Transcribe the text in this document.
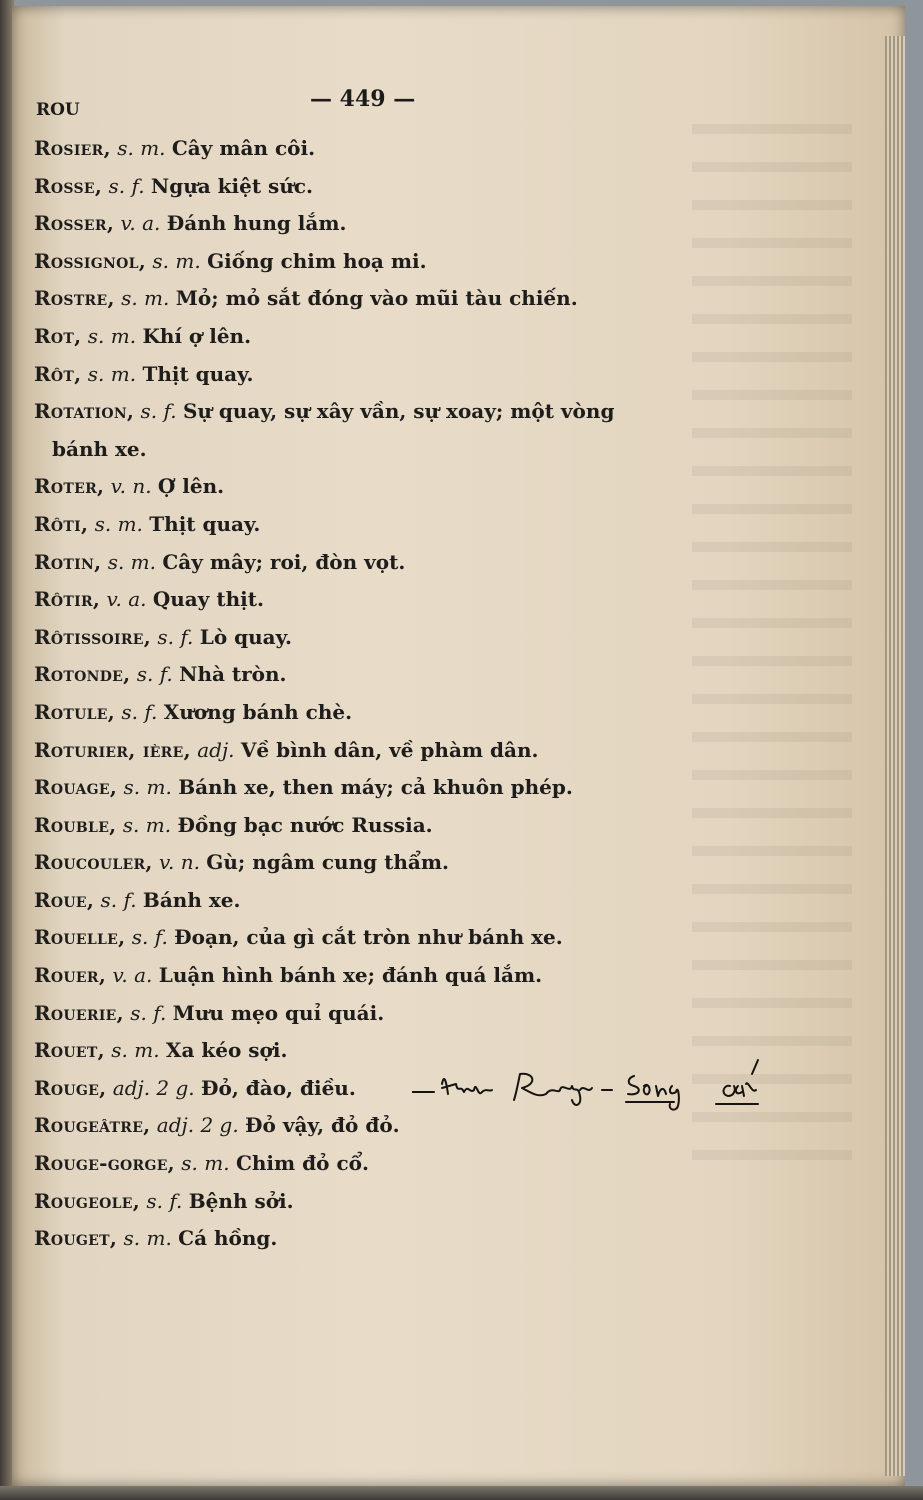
ROU	— 449 —
Rosier, s. m. Cây mân côi.
Rosse, s. f. Ngựa kiệt sức.
Rosser, v. a. Đánh hung lắm.
Rossignol, s. m. Giống chim hoạ mi.
Rostre, s. m. Mỏ; mỏ sắt đóng vào mũi tàu chiến.
Rot, s. m. Khí ợ lên.
Rôt, s. m. Thịt quay.
Rotation, s. f. Sự quay, sự xây vần, sự xoay; một vòng
bánh xe.
Roter, v. n. Ợ lên.
Rôti, s. m. Thịt quay.
Rotin, s. m. Cây mây; roi, đòn vọt.
Rôtir, v. a. Quay thịt.
Rôtissoire, s. f. Lò quay.
Rotonde, s. f. Nhà tròn.
Rotule, s. f. Xương bánh chè.
Roturier, ière, adj. Về bình dân, về phàm dân.
Rouage, s. m. Bánh xe, then máy; cả khuôn phép.
Rouble, s. m. Đồng bạc nước Russia.
Roucouler, v. n. Gù; ngâm cung thẩm.
Roue, s. f. Bánh xe.
Rouelle, s. f. Đoạn, của gì cắt tròn như bánh xe.
Rouer, v. a. Luận hình bánh xe; đánh quá lắm.
Rouerie, s. f. Mưu mẹo quỉ quái.
Rouet, s. m. Xa kéo sợi.
Rouge, adj. 2 g. Đỏ, đào, điều.
Rougeâtre, adj. 2 g. Đỏ vậy, đỏ đỏ.
Rouge-gorge, s. m. Chim đỏ cổ.
Rougeole, s. f. Bệnh sởi.
Rouget, s. m. Cá hồng.
